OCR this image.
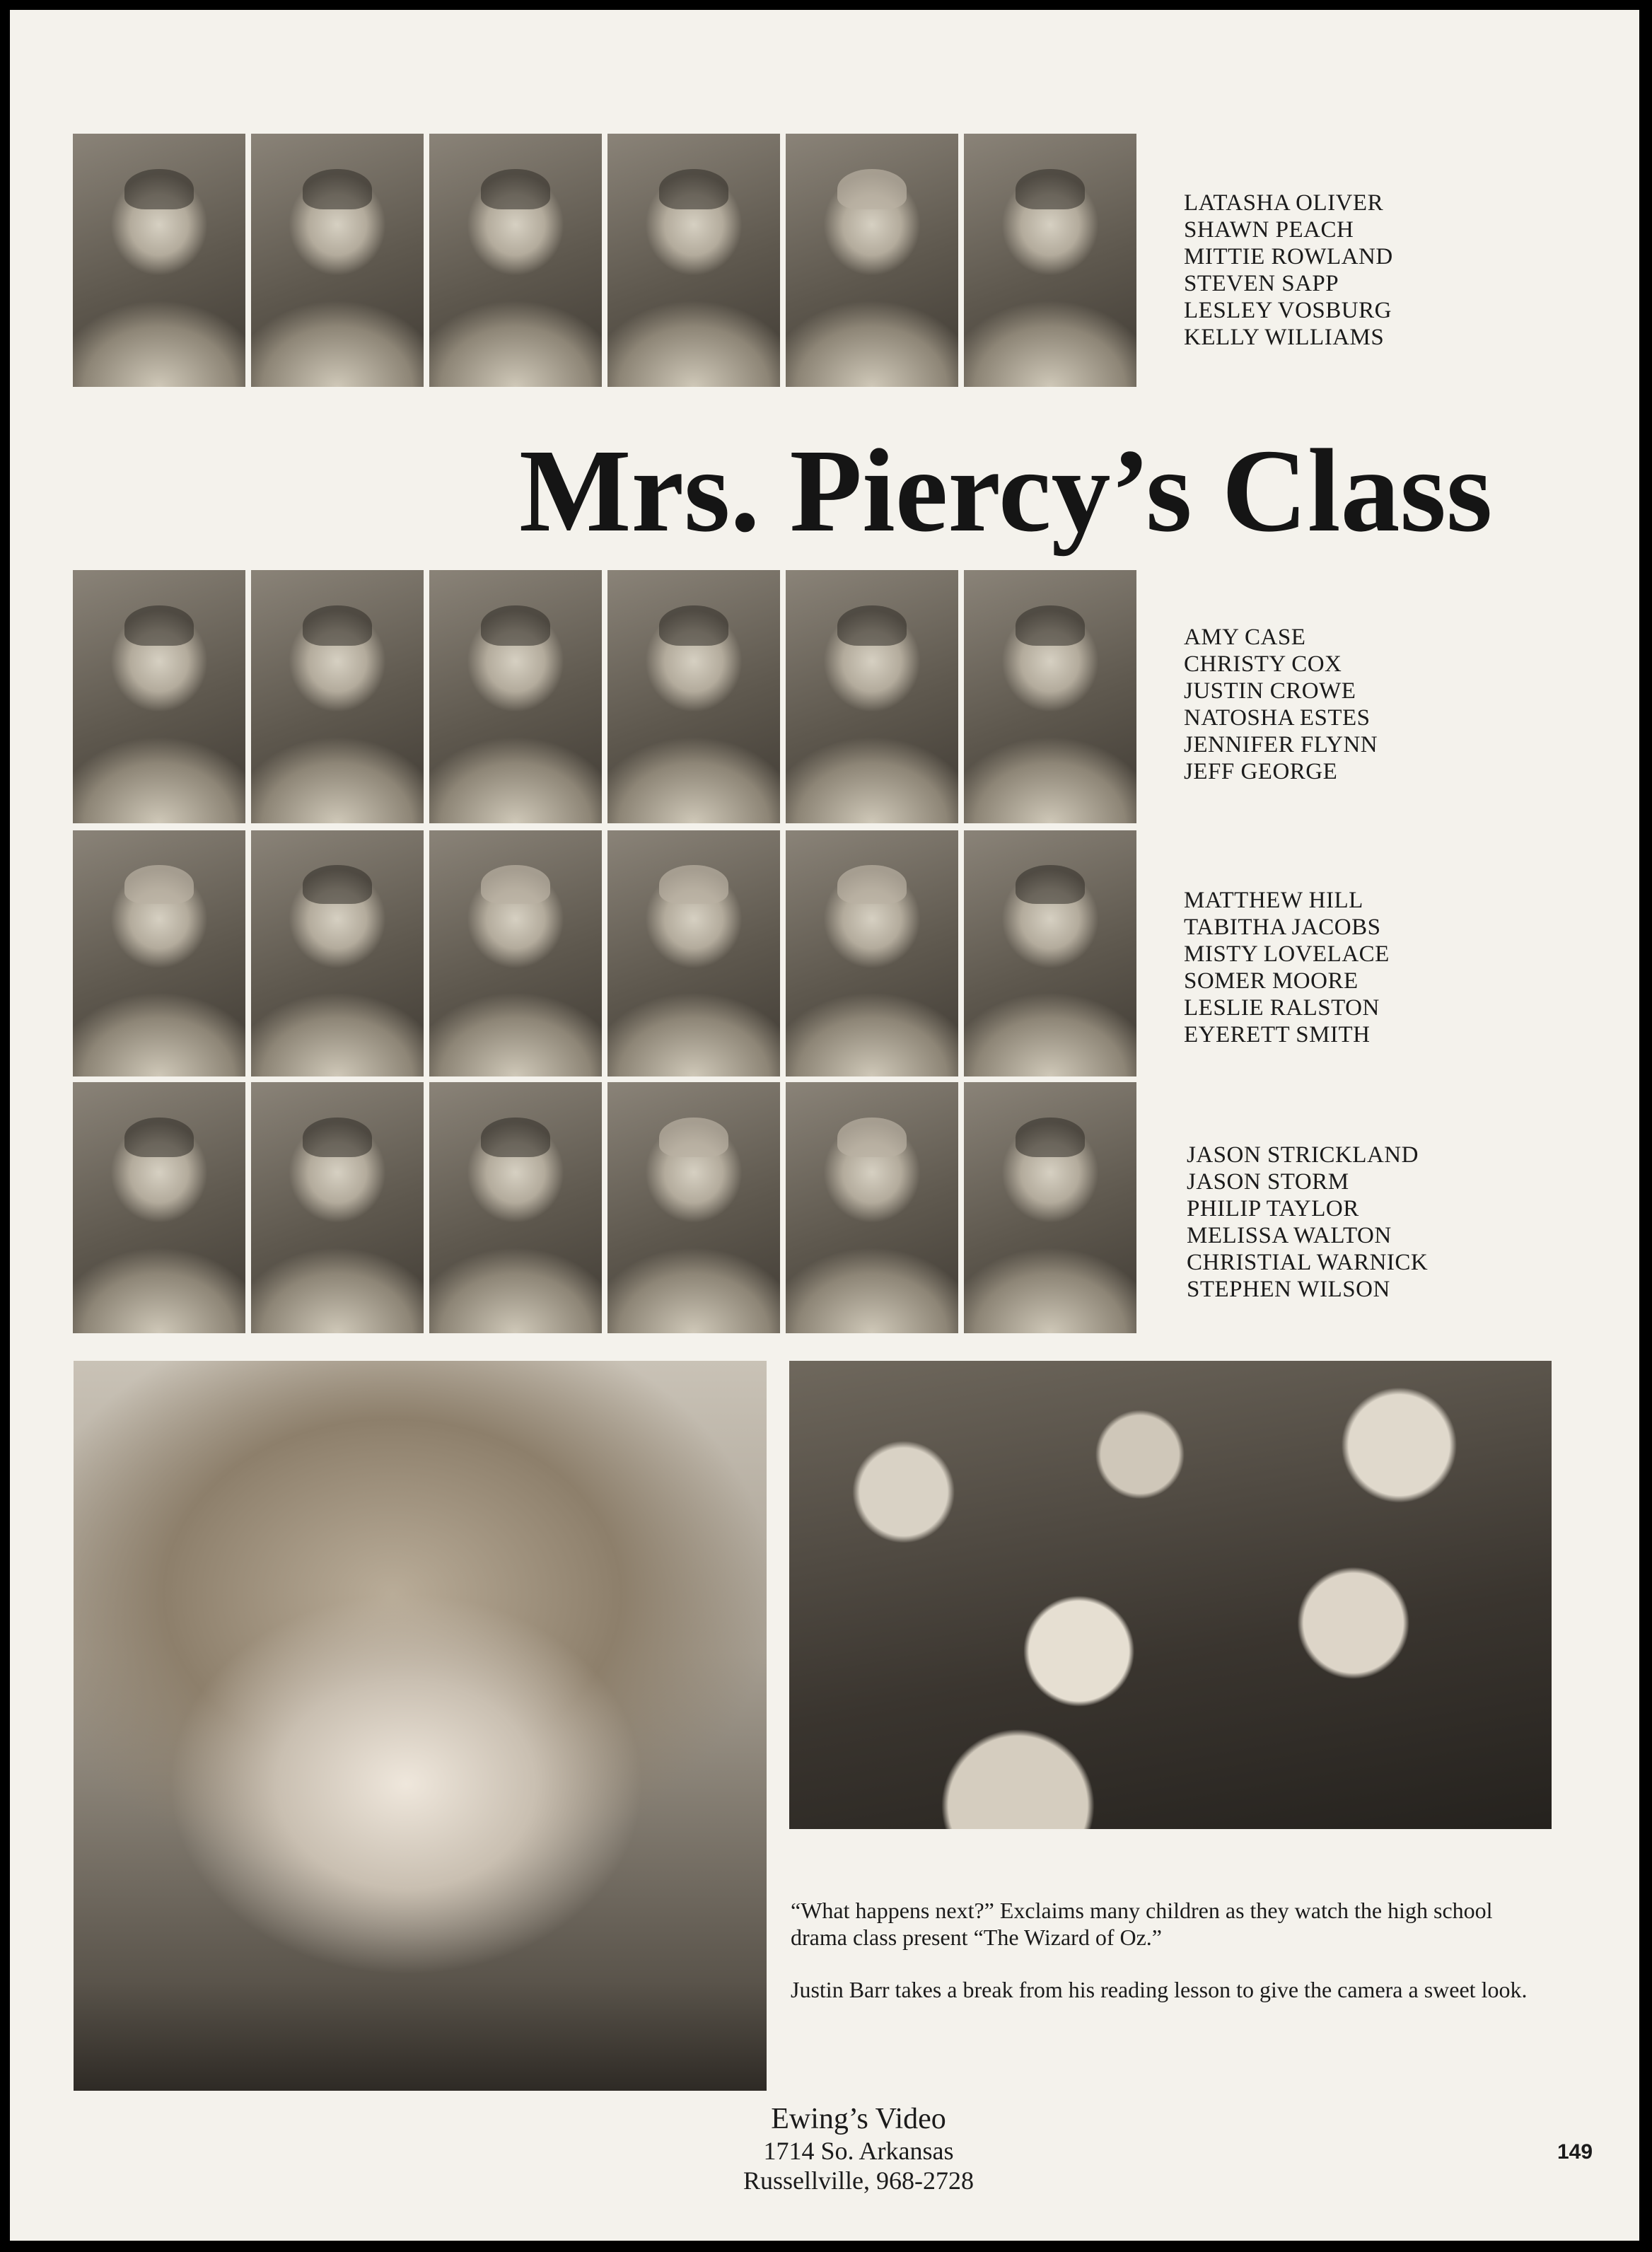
LATASHA OLIVER
SHAWN PEACH
MITTIE ROWLAND
STEVEN SAPP
LESLEY VOSBURG
KELLY WILLIAMS
Mrs. Piercy’s Class
AMY CASE
CHRISTY COX
JUSTIN CROWE
NATOSHA ESTES
JENNIFER FLYNN
JEFF GEORGE
MATTHEW HILL
TABITHA JACOBS
MISTY LOVELACE
SOMER MOORE
LESLIE RALSTON
EYERETT SMITH
JASON STRICKLAND
JASON STORM
PHILIP TAYLOR
MELISSA WALTON
CHRISTIAL WARNICK
STEPHEN WILSON

“What happens next?” Exclaims many children as they watch the high school drama class present “The Wizard of Oz.”

Justin Barr takes a break from his reading lesson to give the camera a sweet look.

Ewing’s Video
1714 So. Arkansas
Russellville, 968-2728
149
